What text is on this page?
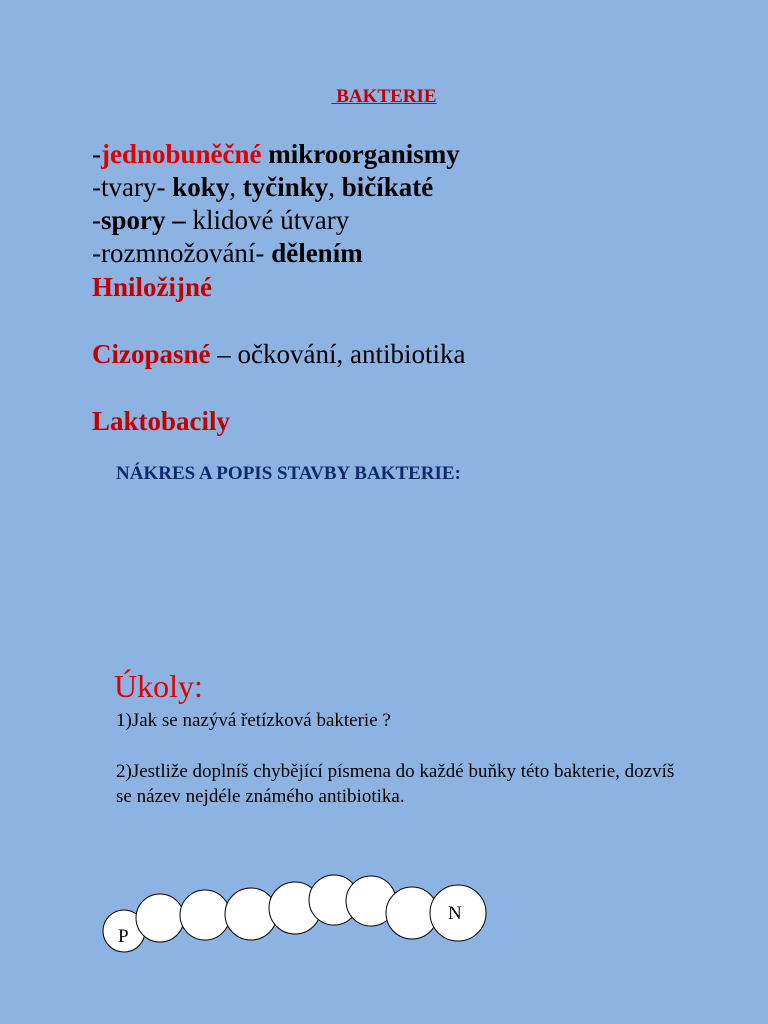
BAKTERIE
-jednobuněčné mikroorganismy
-tvary- koky, tyčinky, bičíkaté
-spory – klidové útvary
-rozmnožování- dělením
Hniložijné
Cizopasné – očkování, antibiotika
Laktobacily
NÁKRES A POPIS STAVBY BAKTERIE:
Úkoly:
1)Jak se nazývá řetízková bakterie ?
2)Jestliže doplníš chybějící písmena do každé buňky této bakterie, dozvíš se název nejdéle známého antibiotika.
P
N
